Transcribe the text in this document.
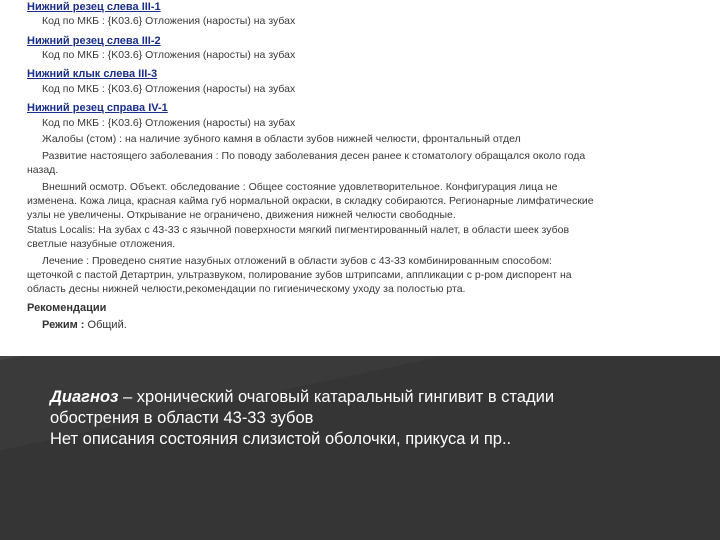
Нижний резец слева III-1
Код по МКБ : {K03.6} Отложения (наросты) на зубах
Нижний резец слева III-2
Код по МКБ : {K03.6} Отложения (наросты) на зубах
Нижний клык слева III-3
Код по МКБ : {K03.6} Отложения (наросты) на зубах
Нижний резец справа IV-1
Код по МКБ : {K03.6} Отложения (наросты) на зубах
Жалобы (стом) : на наличие зубного камня в области зубов нижней челюсти, фронтальный отдел
Развитие настоящего заболевания : По поводу заболевания десен ранее к стоматологу обращался около года
назад.
Внешний осмотр. Объект. обследование : Общее состояние удовлетворительное. Конфигурация лица не
изменена. Кожа лица, красная кайма губ нормальной окраски, в складку собираются. Регионарные лимфатические
узлы не увеличены. Открывание не ограничено, движения нижней челюсти свободные.
Status Localis: На зубах с 43-33 с язычной поверхности мягкий пигментированный налет, в области шеек зубов
светлые назубные отложения.
Лечение : Проведено снятие назубных отложений в области зубов с 43-33 комбинированным способом:
щеточкой с пастой Детартрин, ультразвуком, полирование зубов штрипсами, аппликации с р-ром диспорент на
область десны нижней челюсти,рекомендации по гигиеническому уходу за полостью рта.
Рекомендации
Режим : Общий.
Диагноз – хронический очаговый катаральный гингивит в стадии
обострения в области 43-33 зубов
Нет описания состояния слизистой оболочки, прикуса и пр..
